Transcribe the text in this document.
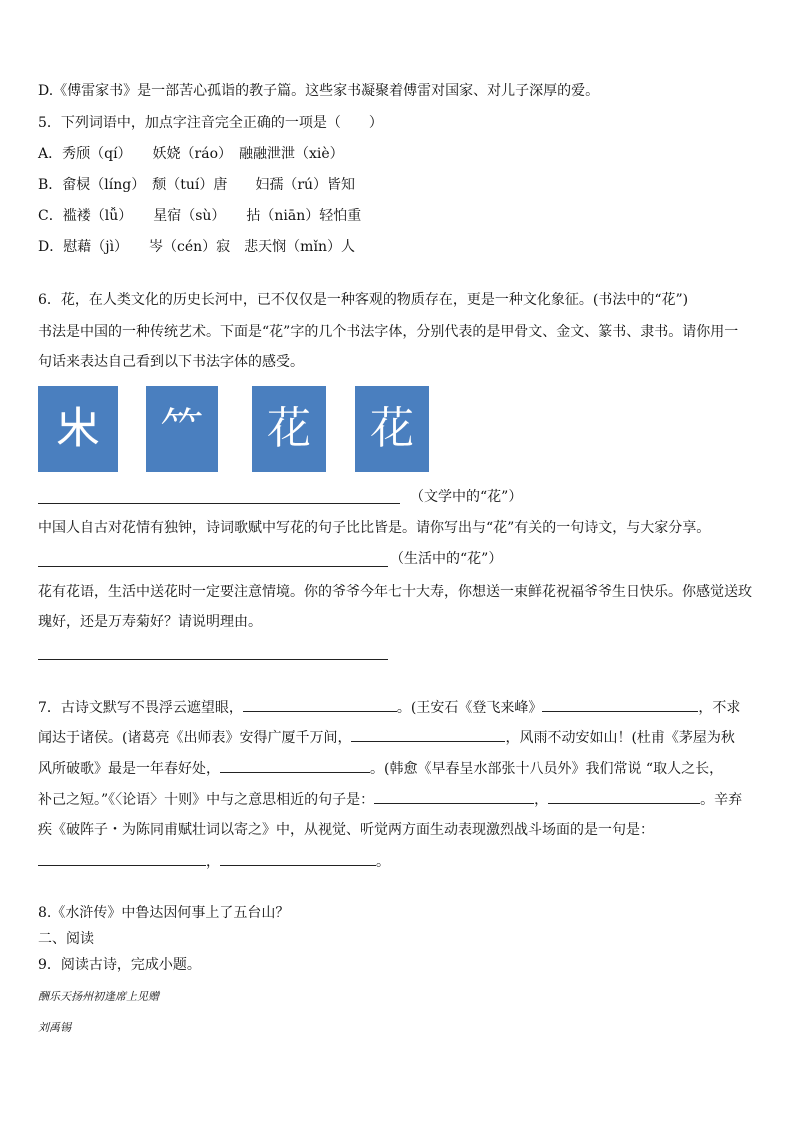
D.《傅雷家书》是一部苦心孤诣的教子篇。这些家书凝聚着傅雷对国家、对儿子深厚的爱。
5．下列词语中，加点字注音完全正确的一项是（　　）
A．秀颀（qí）　　妖娆（ráo）　融融泄泄（xiè）
B．畲棂（líng）　颓（tuí）唐　　妇孺（rú）皆知
C．褴褛（lǚ）　　星宿（sù）　　拈（niān）轻怕重
D．慰藉（jì）　　岑（cén）寂　悲天悯（mǐn）人
6．花，在人类文化的历史长河中，已不仅仅是一种客观的物质存在，更是一种文化象征。(书法中的“花”)
书法是中国的一种传统艺术。下面是“花”字的几个书法字体，分别代表的是甲骨文、金文、篆书、隶书。请你用一
句话来表达自己看到以下书法字体的感受。
𣎵 ⺮ 花 花
（文学中的“花”）
中国人自古对花情有独钟，诗词歌赋中写花的句子比比皆是。请你写出与“花”有关的一句诗文，与大家分享。
（生活中的“花”）
花有花语，生活中送花时一定要注意情境。你的爷爷今年七十大寿，你想送一束鲜花祝福爷爷生日快乐。你感觉送玫
瑰好，还是万寿菊好？请说明理由。
7．古诗文默写不畏浮云遮望眼，	。(王安石《登飞来峰》	，不求
闻达于诸侯。(诸葛亮《出师表》安得广厦千万间，	，风雨不动安如山！(杜甫《茅屋为秋
风所破歌》最是一年春好处，	。(韩愈《早春呈水部张十八员外》我们常说 “取人之长，
补己之短。”《〈论语〉十则》中与之意思相近的句子是：	，	。辛弃
疾《破阵子・为陈同甫赋壮词以寄之》中，从视觉、听觉两方面生动表现激烈战斗场面的是一句是：
，	。
8.《水浒传》中鲁达因何事上了五台山？
二、阅读
9．阅读古诗，完成小题。
酬乐天扬州初逢席上见赠
刘禹锡
